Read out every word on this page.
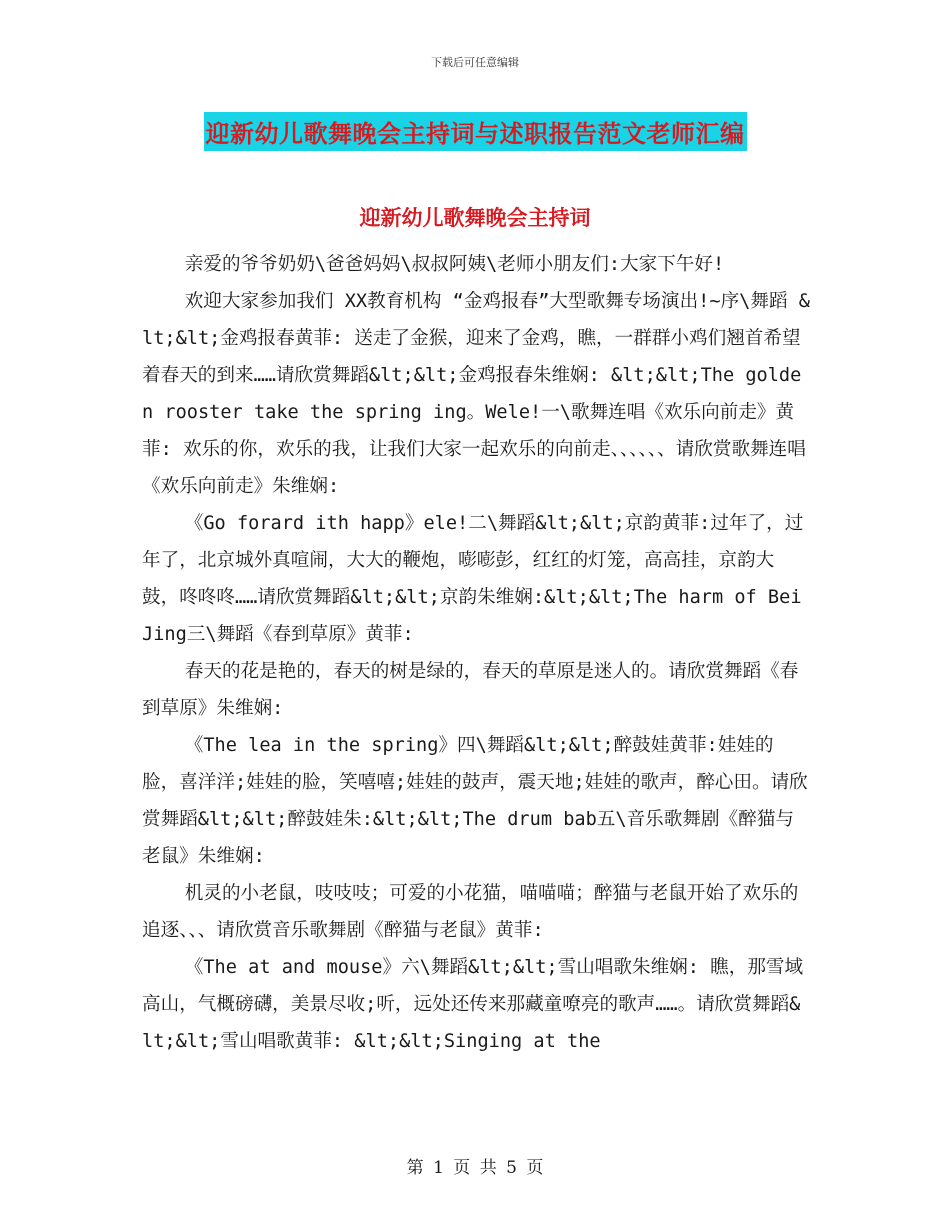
下载后可任意编辑
迎新幼儿歌舞晚会主持词与述职报告范文老师汇编
迎新幼儿歌舞晚会主持词

亲爱的爷爷奶奶\爸爸妈妈\叔叔阿姨\老师小朋友们:大家下午好!

欢迎大家参加我们 XX教育机构 “金鸡报春”大型歌舞专场演出!~序\舞蹈 &lt;&lt;金鸡报春黄菲: 送走了金猴，迎来了金鸡，瞧，一群群小鸡们翘首希望着春天的到来……请欣赏舞蹈&lt;&lt;金鸡报春朱维娴: &lt;&lt;The golden rooster take the spring ing。Wele!一\歌舞连唱《欢乐向前走》黄菲: 欢乐的你，欢乐的我，让我们大家一起欢乐的向前走、、、、、、请欣赏歌舞连唱《欢乐向前走》朱维娴:

《Go forard ith happ》ele!二\舞蹈&lt;&lt;京韵黄菲:过年了，过年了，北京城外真喧闹，大大的鞭炮，嘭嘭彭，红红的灯笼，高高挂，京韵大鼓，咚咚咚……请欣赏舞蹈&lt;&lt;京韵朱维娴:&lt;&lt;The harm of Bei Jing三\舞蹈《春到草原》黄菲:

春天的花是艳的，春天的树是绿的，春天的草原是迷人的。请欣赏舞蹈《春到草原》朱维娴:

《The lea in the spring》四\舞蹈&lt;&lt;醉鼓娃黄菲:娃娃的脸，喜洋洋;娃娃的脸，笑嘻嘻;娃娃的鼓声，震天地;娃娃的歌声，醉心田。请欣赏舞蹈&lt;&lt;醉鼓娃朱:&lt;&lt;The drum bab五\音乐歌舞剧《醉猫与老鼠》朱维娴:

机灵的小老鼠，吱吱吱；可爱的小花猫，喵喵喵；醉猫与老鼠开始了欢乐的追逐、、、请欣赏音乐歌舞剧《醉猫与老鼠》黄菲:

《The at and mouse》六\舞蹈&lt;&lt;雪山唱歌朱维娴: 瞧，那雪域高山，气概磅礴，美景尽收;听，远处还传来那藏童嘹亮的歌声……。请欣赏舞蹈&lt;&lt;雪山唱歌黄菲: &lt;&lt;Singing at the

第 1 页 共 5 页
